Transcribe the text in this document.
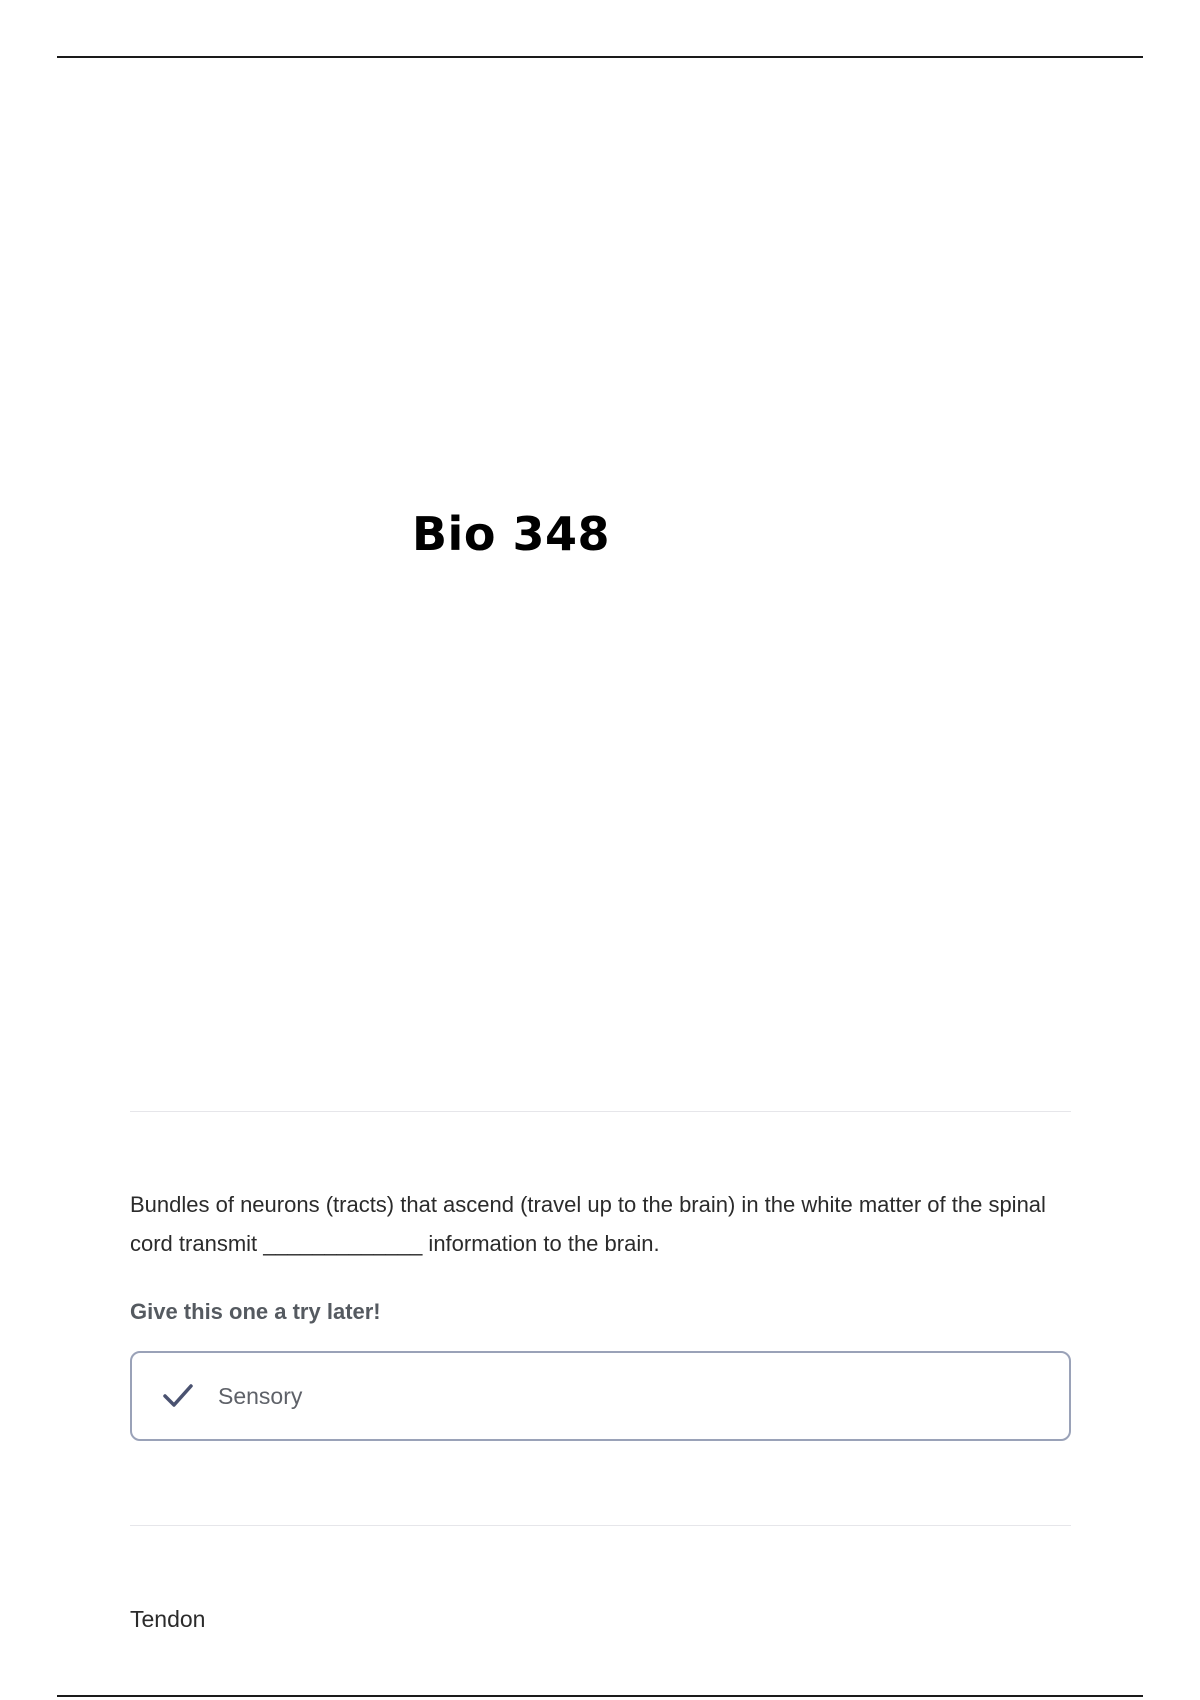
Bio 348

Bundles of neurons (tracts) that ascend (travel up to the brain) in the white matter of the spinal cord transmit _____________ information to the brain.

Give this one a try later!
Sensory
Tendon
